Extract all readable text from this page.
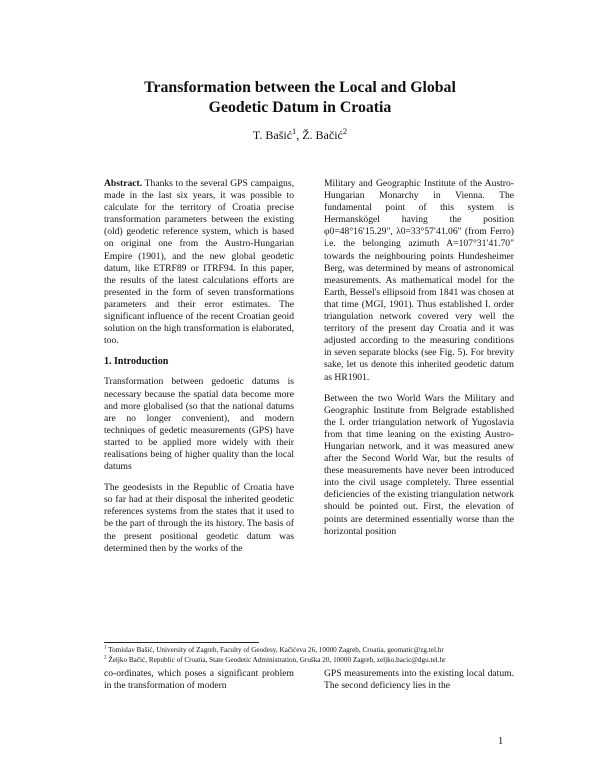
Transformation between the Local and Global
Geodetic Datum in Croatia
T. Bašić$^1$, Ž. Bačić$^2$

Abstract. Thanks to the several GPS campaigns, made in the last six years, it was possible to calculate for the territory of Croatia precise transformation parameters between the existing (old) geodetic reference system, which is based on original one from the Austro-Hungarian Empire (1901), and the new global geodetic datum, like ETRF89 or ITRF94. In this paper, the results of the latest calculations efforts are presented in the form of seven transformations parameters and their error estimates. The significant influence of the recent Croatian geoid solution on the high transformation is elaborated, too.

1. Introduction

Transformation between gedoetic datums is necessary because the spatial data become more and more globalised (so that the national datums are no longer convenient), and modern techniques of gedetic measurements (GPS) have started to be applied more widely with their realisations being of higher quality than the local datums

The geodesists in the Republic of Croatia have so far had at their disposal the inherited geodetic references systems from the states that it used to be the part of through the its history. The basis of the present positional geodetic datum was determined then by the works of the

Military and Geographic Institute of the Austro-Hungarian Monarchy in Vienna. The fundamental point of this system is Hermanskögel having the position φ0=48°16′15.29", λ0=33°57′41.06" (from Ferro) i.e. the belonging azimuth A=107°31′41.70" towards the neighbouring points Hundesheimer Berg, was determined by means of astronomical measurements. As mathematical model for the Earth, Bessel's ellipsoid from 1841 was chosen at that time (MGI, 1901). Thus established I. order triangulation network covered very well the territory of the present day Croatia and it was adjusted according to the measuring conditions in seven separate blocks (see Fig. 5). For brevity sake, let us denote this inherited geodetic datum as HR1901.

Between the two World Wars the Military and Geographic Institute from Belgrade established the I. order triangulation network of Yugoslavia from that time leaning on the existing Austro-Hungarian network, and it was measured anew after the Second World War, but the results of these measurements have never been introduced into the civil usage completely. Three essential deficiencies of the existing triangulation network should be pointed out. First, the elevation of points are determined essentially worse than the horizontal position

$^1$ Tomislav Bašić, University of Zagreb, Faculty of Geodesy, Kačićeva 26, 10000 Zagreb, Croatia, geomatic@zg.tel.hr
$^2$ Željko Bačić, Republic of Croatia, State Geodetic Administration, Gruška 20, 10000 Zagreb, zeljko.bacic@dgu.tel.hr
co-ordinates, which poses a significant problem in the transformation of modern
GPS measurements into the existing local datum. The second deficiency lies in the
1
